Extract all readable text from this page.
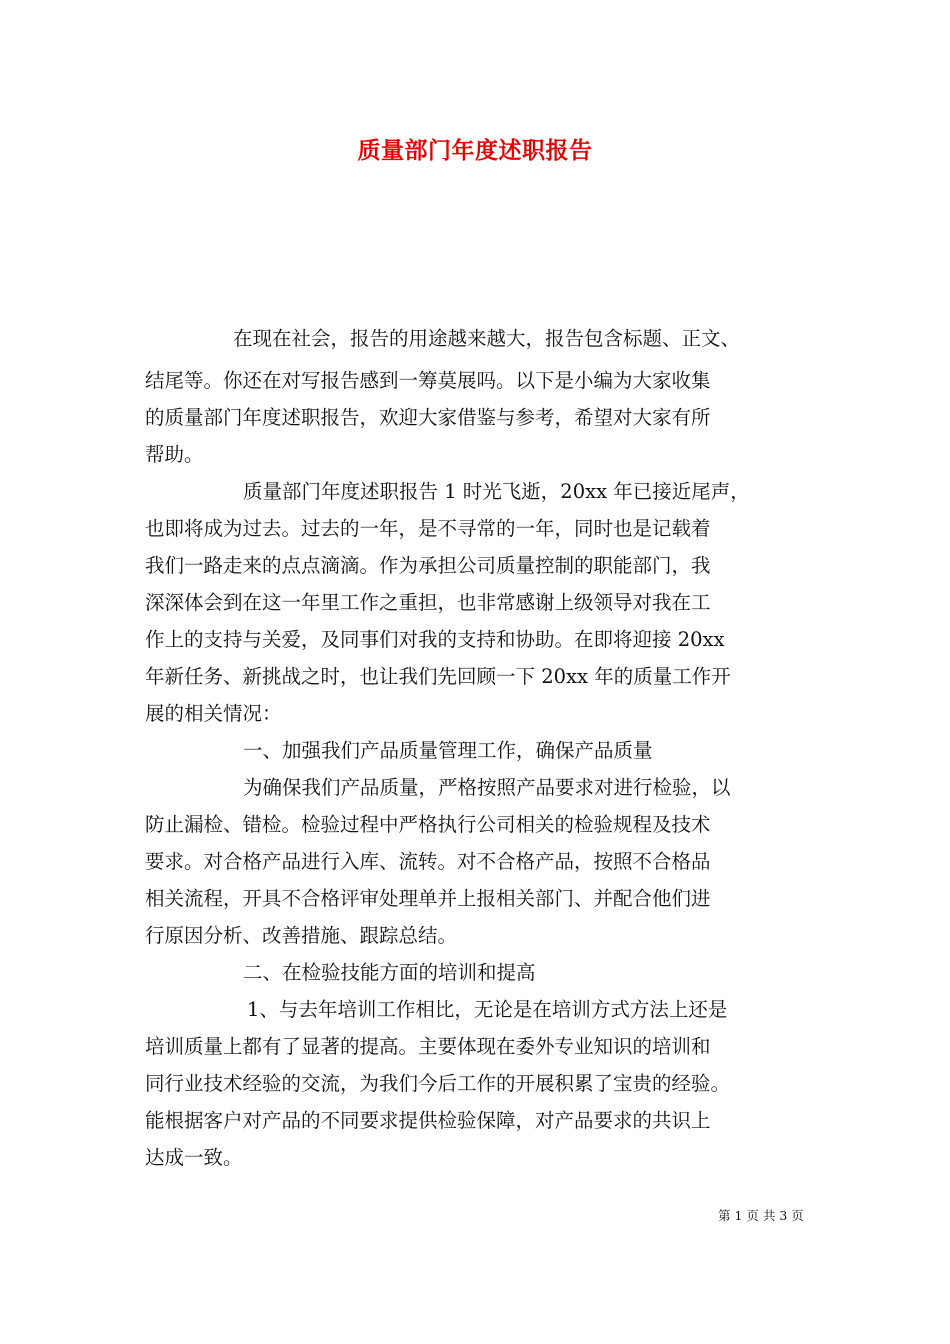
质量部门年度述职报告
在现在社会，报告的用途越来越大，报告包含标题、正文、
结尾等。你还在对写报告感到一筹莫展吗。以下是小编为大家收集
的质量部门年度述职报告，欢迎大家借鉴与参考，希望对大家有所
帮助。
质量部门年度述职报告 1 时光飞逝，20xx 年已接近尾声，
也即将成为过去。过去的一年，是不寻常的一年，同时也是记载着
我们一路走来的点点滴滴。作为承担公司质量控制的职能部门，我
深深体会到在这一年里工作之重担，也非常感谢上级领导对我在工
作上的支持与关爱，及同事们对我的支持和协助。在即将迎接 20xx
年新任务、新挑战之时，也让我们先回顾一下 20xx 年的质量工作开
展的相关情况：
一、加强我们产品质量管理工作，确保产品质量
为确保我们产品质量，严格按照产品要求对进行检验，以
防止漏检、错检。检验过程中严格执行公司相关的检验规程及技术
要求。对合格产品进行入库、流转。对不合格产品，按照不合格品
相关流程，开具不合格评审处理单并上报相关部门、并配合他们进
行原因分析、改善措施、跟踪总结。
二、在检验技能方面的培训和提高
1、与去年培训工作相比，无论是在培训方式方法上还是
培训质量上都有了显著的提高。主要体现在委外专业知识的培训和
同行业技术经验的交流，为我们今后工作的开展积累了宝贵的经验。
能根据客户对产品的不同要求提供检验保障，对产品要求的共识上
达成一致。
第 1 页 共 3 页
